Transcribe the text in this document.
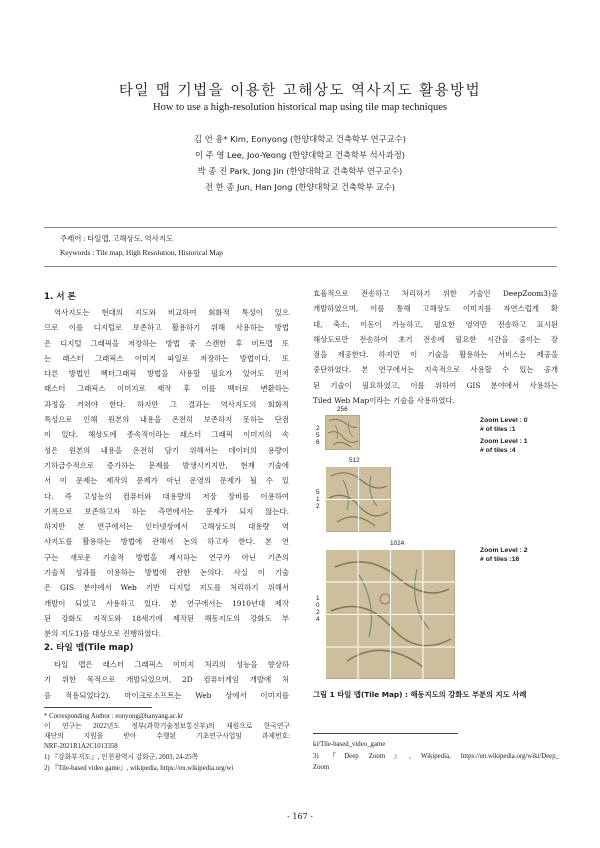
타일 맵 기법을 이용한 고해상도 역사지도 활용방법
How to use a high-resolution historical map using tile map techniques
김 언 용* Kim, Eonyong (한양대학교 건축학부 연구교수)
이 주 영 Lee, Joo-Yeong (한양대학교 건축학부 석사과정)
박 종 진 Park, Jong Jin (한양대학교 건축학부 연구교수)
전 한 종 Jun, Han Jong (한양대학교 건축학부 교수)
주제어 : 타일맵, 고해상도, 역사지도
Keywords : Tile map, High Resolution, Historical Map
1. 서 론
역사지도는 현대의 지도와 비교하여 회화적 특성이 있으
므로 이를 디지털로 보존하고 활용하기 위해 사용하는 방법
은 디지털 그래픽을 저장하는 방법 중 스캔한 후 비트맵 또
는 래스터 그래픽스 이미지 파일로 저장하는 방법이다. 또
다른 방법인 벡터그래픽 방법을 사용할 필요가 있어도 먼저
래스터 그래픽스 이미지로 제작 후 이를 벡터로 변환하는
과정을 거쳐야 한다. 하지만 그 결과는 역사지도의 회화적
특성으로 인해 원본의 내용을 온전히 보존하지 못하는 단점
이 있다. 해상도에 종속적이라는 래스터 그래픽 이미지의 속
성은 원본의 내용을 온전히 담기 위해서는 데이터의 용량이
기하급수적으로 증가하는 문제를 발생시키지만, 현재 기술에
서 이 문제는 제작의 문제가 아닌 운영의 문제가 될 수 있
다. 즉 고성능의 컴퓨터와 대용량의 저장 장비를 이용하여
기록으로 보존하고자 하는 측면에서는 문제가 되지 않는다.
하지만 본 연구에서는 인터넷상에서 고해상도의 대용량 역
사지도를 활용하는 방법에 관해서 논의 하고자 한다. 본 연
구는 새로운 기술적 방법을 제시하는 연구가 아닌 기존의
기술적 성과를 이용하는 방법에 관한 논의다. 사실 이 기술
은 GIS 분야에서 Web 기반 디지털 지도를 처리하기 위해서
개발이 되었고 사용하고 있다. 본 연구에서는 1910년대 제작
된 강화도 지적도와 18세기에 제작된 해동지도의 강화도 부
분의 지도1)를 대상으로 진행하였다.
2. 타일 맵(Tile map)
타일 맵은 래스터 그래픽스 이미지 처리의 성능을 향상하
기 위한 목적으로 개발되었으며, 2D 컴퓨터게임 개발에 처
음 적용되었다2). 마이크로소프트는 Web 상에서 이미지를
* Corresponding Author : eonyong@hanyang.ac.kr
이 연구는 2022년도 정부(과학기술정보통신부)의 재원으로 한국연구
재단의 지원을 받아 수행된 기초연구사업임 과제번호:
NRF-2021R1A2C1013358
1) 『강화부지도』, 인천광역시 강화군, 2003, 24-25쪽
2) 『Tile-based video game』, wikipedia, https://en.wikipedia.org/wi
효율적으로 전송하고 처리하기 위한 기술인 DeepZoom3)을
개발하였으며, 이를 통해 고해상도 이미지를 자연스럽게 확
대, 축소, 이동이 가능하고, 필요한 영역만 전송하고 표시된
해상도로만 전송하여 초기 전송에 필요한 시간을 줄이는 장
점을 제공한다. 하지만 이 기술을 활용하는 서비스는 제공을
중단하였다. 본 연구에서는 지속적으로 사용할 수 있는 공개
된 기술이 필요하였고, 이를 위하여 GIS 분야에서 사용하는
Tiled Web Map이라는 기술을 사용하였다.
256
256
512
512
1024
1024
Zoom Level : 0
# of tiles :1
Zoom Level : 1
# of tiles :4
Zoom Level : 2
# of tiles :16
그림 1 타일 맵(Tile Map) : 해동지도의 강화도 부분의 지도 사례
ki/Tile-based_video_game
3) 『Deep Zoom』, Wikipedia, https://en.wikipedia.org/wiki/Deep_
Zoom
- 167 -
